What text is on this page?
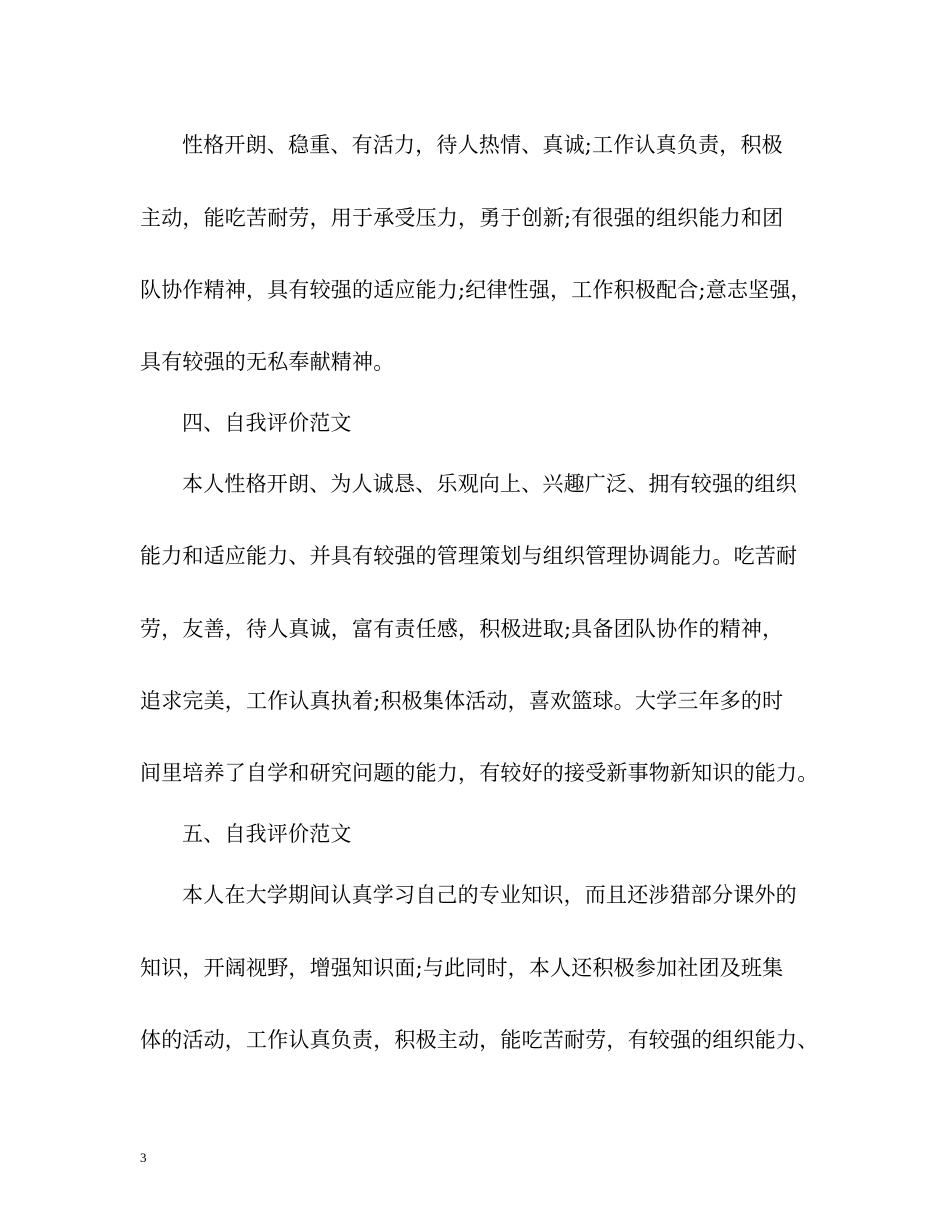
性格开朗、稳重、有活力，待人热情、真诚;工作认真负责，积极
主动，能吃苦耐劳，用于承受压力，勇于创新;有很强的组织能力和团
队协作精神，具有较强的适应能力;纪律性强，工作积极配合;意志坚强，
具有较强的无私奉献精神。
四、自我评价范文
本人性格开朗、为人诚恳、乐观向上、兴趣广泛、拥有较强的组织
能力和适应能力、并具有较强的管理策划与组织管理协调能力。吃苦耐
劳，友善，待人真诚，富有责任感，积极进取;具备团队协作的精神，
追求完美，工作认真执着;积极集体活动，喜欢篮球。大学三年多的时
间里培养了自学和研究问题的能力，有较好的接受新事物新知识的能力。
五、自我评价范文
本人在大学期间认真学习自己的专业知识，而且还涉猎部分课外的
知识，开阔视野，增强知识面;与此同时，本人还积极参加社团及班集
体的活动，工作认真负责，积极主动，能吃苦耐劳，有较强的组织能力、
3
